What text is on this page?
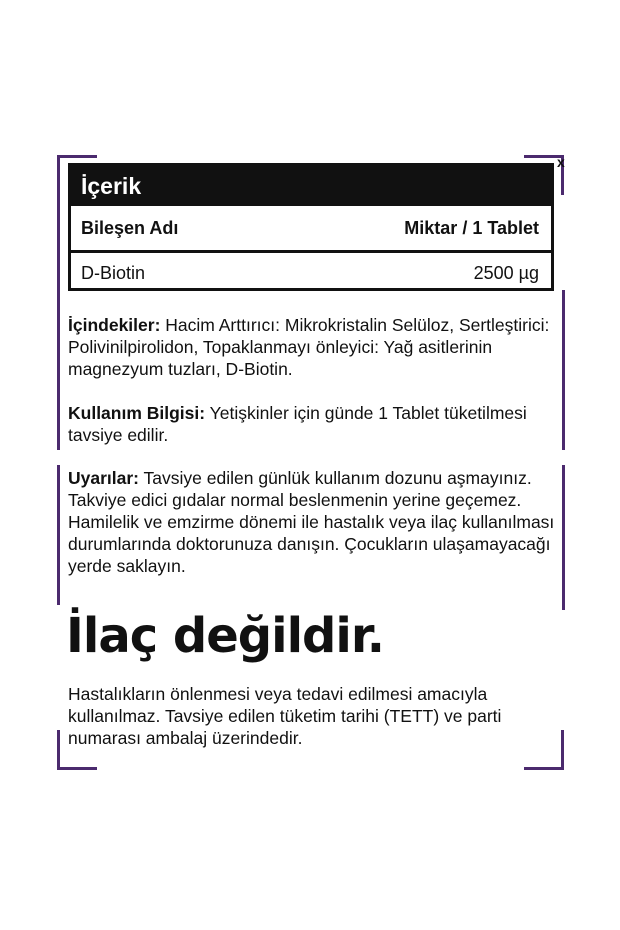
x
İçerik
Bileşen Adı	Miktar / 1 Tablet
D-Biotin	2500 µg
İçindekiler: Hacim Arttırıcı: Mikrokristalin Selüloz, Sertleştirici: Polivinilpirolidon, Topaklanmayı önleyici: Yağ asitlerinin magnezyum tuzları, D-Biotin.
Kullanım Bilgisi: Yetişkinler için günde 1 Tablet tüketilmesi tavsiye edilir.
Uyarılar: Tavsiye edilen günlük kullanım dozunu aşmayınız. Takviye edici gıdalar normal beslenmenin yerine geçemez. Hamilelik ve emzirme dönemi ile hastalık veya ilaç kullanılması durumlarında doktorunuza danışın. Çocukların ulaşamayacağı yerde saklayın.
İlaç değildir.
Hastalıkların önlenmesi veya tedavi edilmesi amacıyla kullanılmaz. Tavsiye edilen tüketim tarihi (TETT) ve parti numarası ambalaj üzerindedir.
